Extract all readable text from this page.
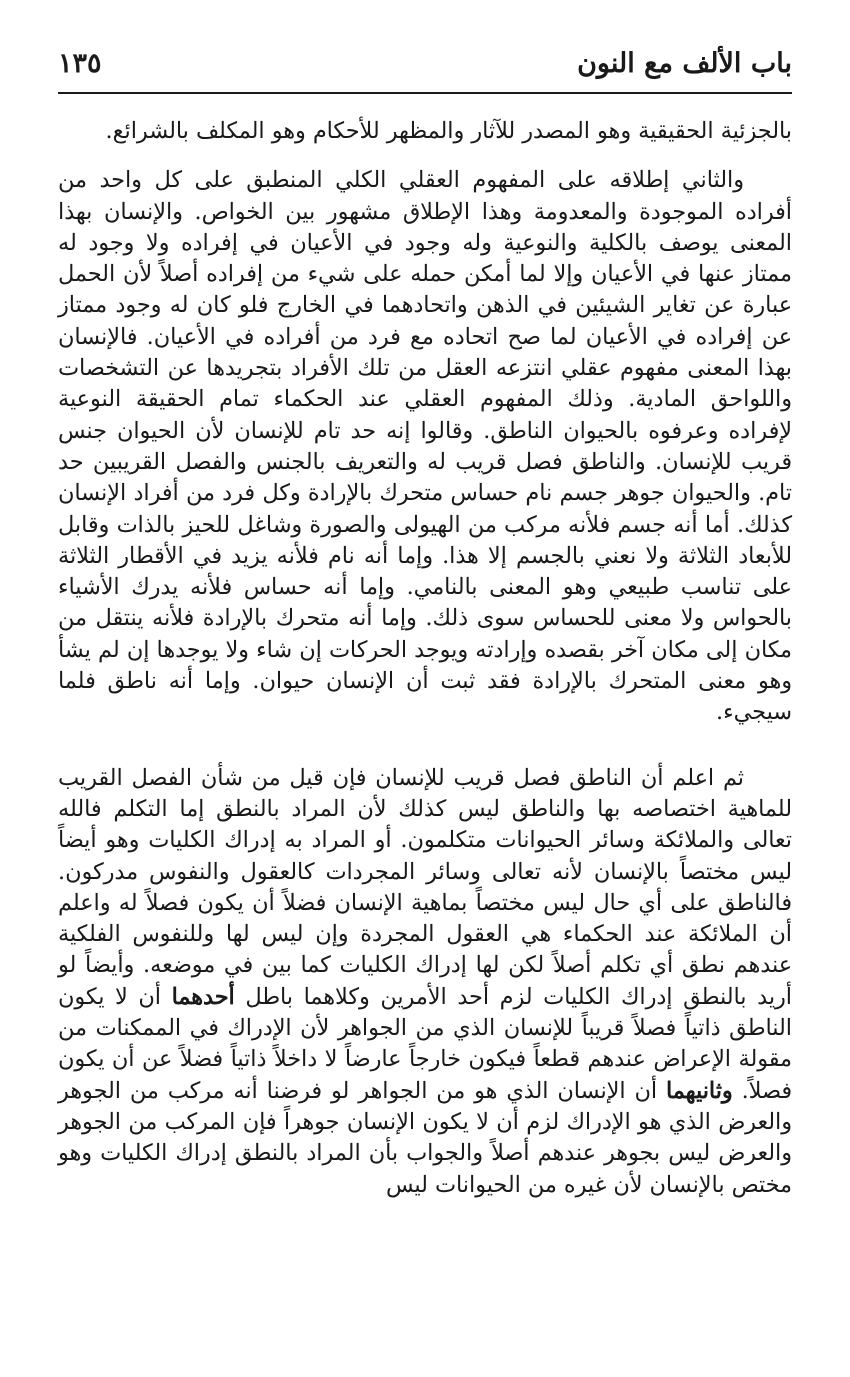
باب الألف مع النون
١٣٥

بالجزئية الحقيقية وهو المصدر للآثار والمظهر للأحكام وهو المكلف بالشرائع.

والثاني إطلاقه على المفهوم العقلي الكلي المنطبق على كل واحد من أفراده الموجودة والمعدومة وهذا الإطلاق مشهور بين الخواص. والإنسان بهذا المعنى يوصف بالكلية والنوعية وله وجود في الأعيان في إفراده ولا وجود له ممتاز عنها في الأعيان وإلا لما أمكن حمله على شيء من إفراده أصلاً لأن الحمل عبارة عن تغاير الشيئين في الذهن واتحادهما في الخارج فلو كان له وجود ممتاز عن إفراده في الأعيان لما صح اتحاده مع فرد من أفراده في الأعيان. فالإنسان بهذا المعنى مفهوم عقلي انتزعه العقل من تلك الأفراد بتجريدها عن التشخصات واللواحق المادية. وذلك المفهوم العقلي عند الحكماء تمام الحقيقة النوعية لإفراده وعرفوه بالحيوان الناطق. وقالوا إنه حد تام للإنسان لأن الحيوان جنس قريب للإنسان. والناطق فصل قريب له والتعريف بالجنس والفصل القريبين حد تام. والحيوان جوهر جسم نام حساس متحرك بالإرادة وكل فرد من أفراد الإنسان كذلك. أما أنه جسم فلأنه مركب من الهيولى والصورة وشاغل للحيز بالذات وقابل للأبعاد الثلاثة ولا نعني بالجسم إلا هذا. وإما أنه نام فلأنه يزيد في الأقطار الثلاثة على تناسب طبيعي وهو المعنى بالنامي. وإما أنه حساس فلأنه يدرك الأشياء بالحواس ولا معنى للحساس سوى ذلك. وإما أنه متحرك بالإرادة فلأنه ينتقل من مكان إلى مكان آخر بقصده وإرادته ويوجد الحركات إن شاء ولا يوجدها إن لم يشأ وهو معنى المتحرك بالإرادة فقد ثبت أن الإنسان حيوان. وإما أنه ناطق فلما سيجيء.

ثم اعلم أن الناطق فصل قريب للإنسان فإن قيل من شأن الفصل القريب للماهية اختصاصه بها والناطق ليس كذلك لأن المراد بالنطق إما التكلم فالله تعالى والملائكة وسائر الحيوانات متكلمون. أو المراد به إدراك الكليات وهو أيضاً ليس مختصاً بالإنسان لأنه تعالى وسائر المجردات كالعقول والنفوس مدركون. فالناطق على أي حال ليس مختصاً بماهية الإنسان فضلاً أن يكون فصلاً له واعلم أن الملائكة عند الحكماء هي العقول المجردة وإن ليس لها وللنفوس الفلكية عندهم نطق أي تكلم أصلاً لكن لها إدراك الكليات كما بين في موضعه. وأيضاً لو أريد بالنطق إدراك الكليات لزم أحد الأمرين وكلاهما باطل أحدهما أن لا يكون الناطق ذاتياً فصلاً قريباً للإنسان الذي من الجواهر لأن الإدراك في الممكنات من مقولة الإعراض عندهم قطعاً فيكون خارجاً عارضاً لا داخلاً ذاتياً فضلاً عن أن يكون فصلاً. وثانيهما أن الإنسان الذي هو من الجواهر لو فرضنا أنه مركب من الجوهر والعرض الذي هو الإدراك لزم أن لا يكون الإنسان جوهراً فإن المركب من الجوهر والعرض ليس بجوهر عندهم أصلاً والجواب بأن المراد بالنطق إدراك الكليات وهو مختص بالإنسان لأن غيره من الحيوانات ليس
